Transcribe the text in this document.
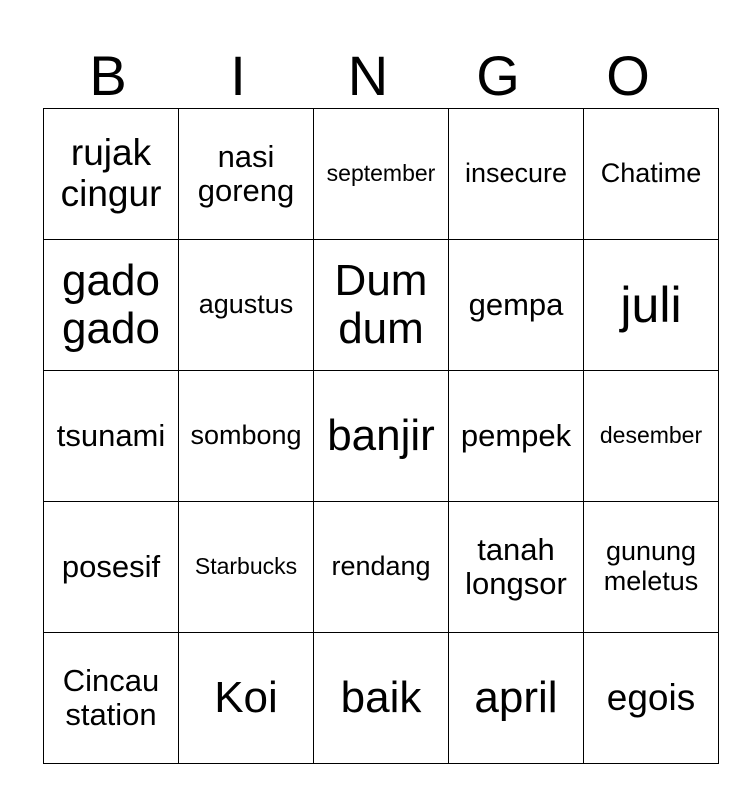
B	I	N	G	O
rujak cingur	nasi goreng	september	insecure	Chatime
gado gado	agustus	Dum dum	gempa	juli
tsunami	sombong	banjir	pempek	desember
posesif	Starbucks	rendang	tanah longsor	gunung meletus
Cincau station	Koi	baik	april	egois
